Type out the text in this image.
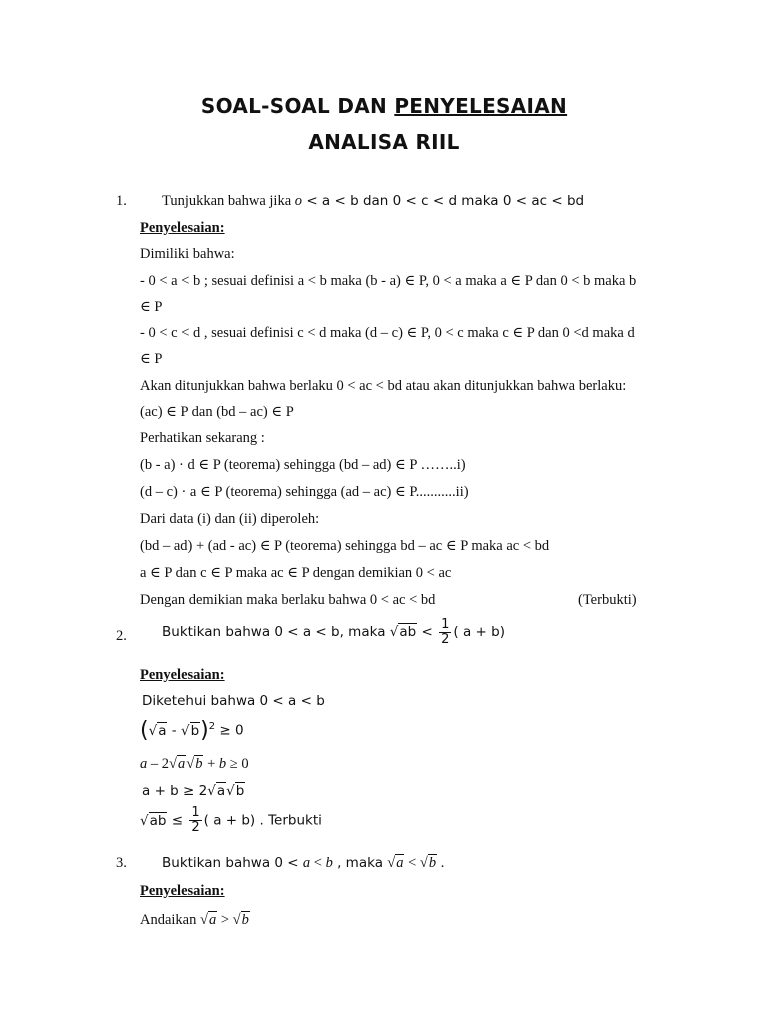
SOAL-SOAL DAN PENYELESAIAN
ANALISA RIIL
1. Tunjukkan bahwa jika o < a < b dan 0 < c < d maka 0 < ac < bd
Penyelesaian:
Dimiliki bahwa:
- 0 < a < b ; sesuai definisi a < b maka (b - a) ∈ P, 0 < a maka a ∈ P dan 0 < b maka b
∈ P
- 0 < c < d , sesuai definisi c < d maka (d – c) ∈ P, 0 < c maka c ∈ P dan 0 <d maka d
∈ P
Akan ditunjukkan bahwa berlaku 0 < ac < bd atau akan ditunjukkan bahwa berlaku:
(ac) ∈ P dan (bd – ac) ∈ P
Perhatikan sekarang :
(b - a) · d ∈ P (teorema) sehingga (bd – ad) ∈ P ……..i)
(d – c) · a ∈ P (teorema) sehingga (ad – ac) ∈ P...........ii)
Dari data (i) dan (ii) diperoleh:
(bd – ad) + (ad - ac) ∈ P (teorema) sehingga bd – ac ∈ P maka ac < bd
a ∈ P dan c ∈ P maka ac ∈ P dengan demikian 0 < ac
Dengan demikian maka berlaku bahwa 0 < ac < bd	(Terbukti)
2.	Buktikan bahwa 0 < a < b, maka $√ab < \frac{1}{2}$ ( a + b)
Penyelesaian:
Diketehui bahwa 0 < a < b
(√a - √b)$^2$ ≥ 0
a – 2√a√b + b ≥ 0
a + b ≥ 2√a√b
$√ab \le \frac{1}{2}$ ( a + b) . Terbukti
3.	Buktikan bahwa 0 < a < b , maka √a < √b .
Penyelesaian:
Andaikan √a > √b
